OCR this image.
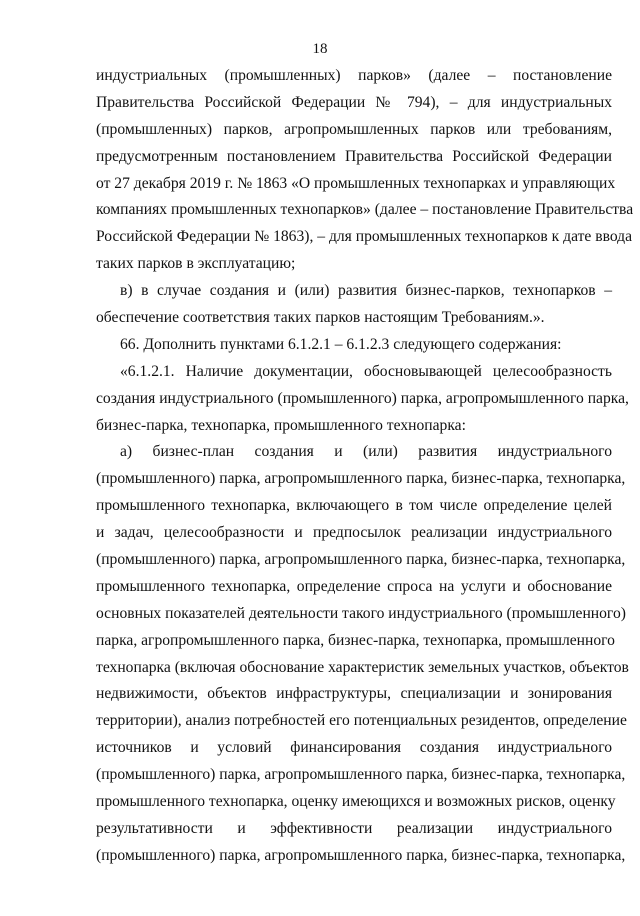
18
индустриальных (промышленных) парков» (далее – постановление
Правительства Российской Федерации № 794), – для индустриальных
(промышленных) парков, агропромышленных парков или требованиям,
предусмотренным постановлением Правительства Российской Федерации
от 27 декабря 2019 г. № 1863 «О промышленных технопарках и управляющих
компаниях промышленных технопарков» (далее – постановление Правительства
Российской Федерации № 1863), – для промышленных технопарков к дате ввода
таких парков в эксплуатацию;
в) в случае создания и (или) развития бизнес-парков, технопарков –
обеспечение соответствия таких парков настоящим Требованиям.».
66. Дополнить пунктами 6.1.2.1 – 6.1.2.3 следующего содержания:
«6.1.2.1. Наличие документации, обосновывающей целесообразность
создания индустриального (промышленного) парка, агропромышленного парка,
бизнес-парка, технопарка, промышленного технопарка:
а) бизнес-план создания и (или) развития индустриального
(промышленного) парка, агропромышленного парка, бизнес-парка, технопарка,
промышленного технопарка, включающего в том числе определение целей
и задач, целесообразности и предпосылок реализации индустриального
(промышленного) парка, агропромышленного парка, бизнес-парка, технопарка,
промышленного технопарка, определение спроса на услуги и обоснование
основных показателей деятельности такого индустриального (промышленного)
парка, агропромышленного парка, бизнес-парка, технопарка, промышленного
технопарка (включая обоснование характеристик земельных участков, объектов
недвижимости, объектов инфраструктуры, специализации и зонирования
территории), анализ потребностей его потенциальных резидентов, определение
источников и условий финансирования создания индустриального
(промышленного) парка, агропромышленного парка, бизнес-парка, технопарка,
промышленного технопарка, оценку имеющихся и возможных рисков, оценку
результативности и эффективности реализации индустриального
(промышленного) парка, агропромышленного парка, бизнес-парка, технопарка,
